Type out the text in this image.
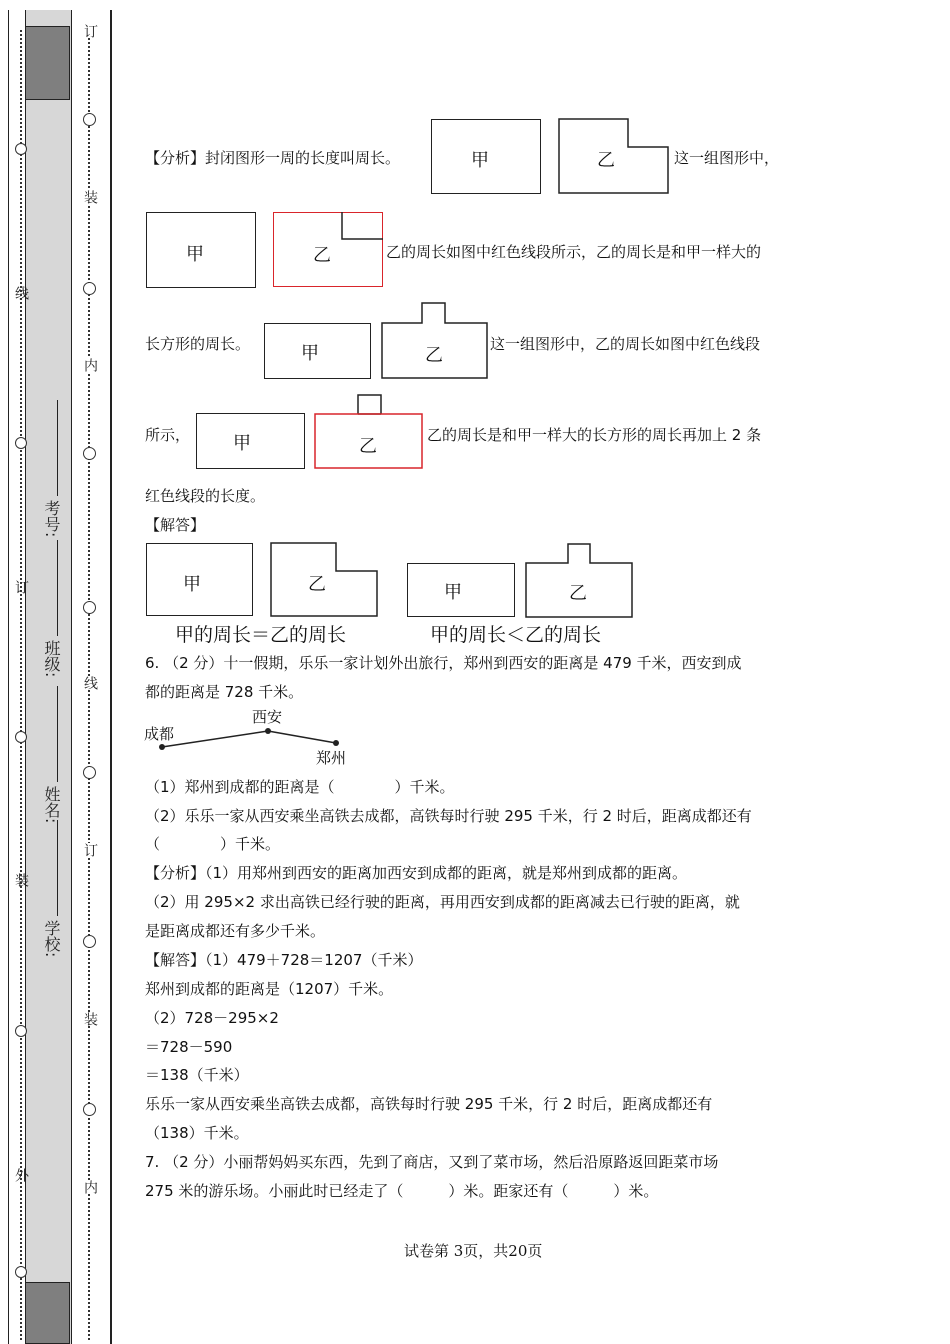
外
装
订
线
订
装
内
线
订
装
内
学校:
姓名:
班级:
考号:
【分析】封闭图形一周的长度叫周长。	甲	乙	这一组图形中，
甲	乙	乙的周长如图中红色线段所示，乙的周长是和甲一样大的
长方形的周长。	甲	乙
这一组图形中，乙的周长如图中红色线段
所示， 甲	乙
乙的周长是和甲一样大的长方形的周长再加上 2 条
红色线段的长度。
【解答】
甲	乙	甲	乙
甲的周长＝乙的周长	甲的周长＜乙的周长
6. （2 分）十一假期，乐乐一家计划外出旅行，郑州到西安的距离是 479 千米，西安到成
都的距离是 728 千米。
成都
西安
郑州
（1）郑州到成都的距离是（　　　　）千米。
（2）乐乐一家从西安乘坐高铁去成都，高铁每时行驶 295 千米，行 2 时后，距离成都还有
（　　　　）千米。
【分析】（1）用郑州到西安的距离加西安到成都的距离，就是郑州到成都的距离。
（2）用 295×2 求出高铁已经行驶的距离，再用西安到成都的距离减去已行驶的距离，就
是距离成都还有多少千米。
【解答】（1）479＋728＝1207（千米）
郑州到成都的距离是（1207）千米。
（2）728－295×2
＝728－590
＝138（千米）
乐乐一家从西安乘坐高铁去成都，高铁每时行驶 295 千米，行 2 时后，距离成都还有
（138）千米。
7. （2 分）小丽帮妈妈买东西，先到了商店，又到了菜市场，然后沿原路返回距菜市场
275 米的游乐场。小丽此时已经走了（　　　）米。距家还有（　　　）米。
试卷第 3页，共20页
